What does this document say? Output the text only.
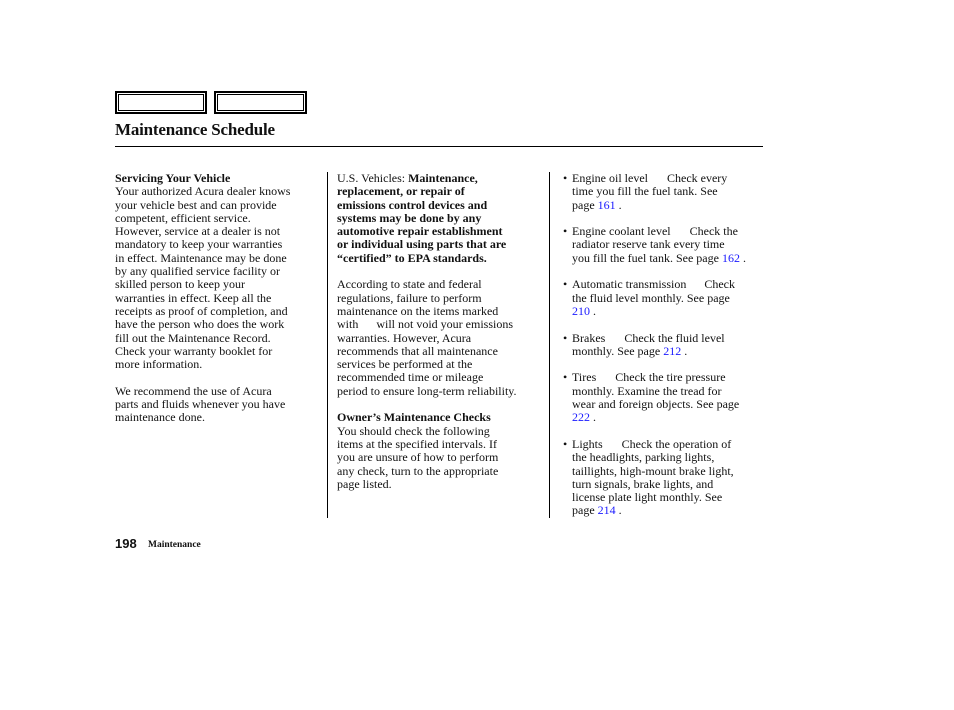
Maintenance Schedule
Servicing Your Vehicle
Your authorized Acura dealer knows
your vehicle best and can provide
competent, efficient service.
However, service at a dealer is not
mandatory to keep your warranties
in effect. Maintenance may be done
by any qualified service facility or
skilled person to keep your
warranties in effect. Keep all the
receipts as proof of completion, and
have the person who does the work
fill out the Maintenance Record.
Check your warranty booklet for
more information.
We recommend the use of Acura
parts and fluids whenever you have
maintenance done.
U.S. Vehicles: Maintenance,
replacement, or repair of
emissions control devices and
systems may be done by any
automotive repair establishment
or individual using parts that are
“certified” to EPA standards.
According to state and federal
regulations, failure to perform
maintenance on the items marked
with will not void your emissions
warranties. However, Acura
recommends that all maintenance
services be performed at the
recommended time or mileage
period to ensure long-term reliability.
Owner’s Maintenance Checks
You should check the following
items at the specified intervals. If
you are unsure of how to perform
any check, turn to the appropriate
page listed.
• Engine oil level Check every
time you fill the fuel tank. See
page 161 .
• Engine coolant level Check the
radiator reserve tank every time
you fill the fuel tank. See page 162 .
• Automatic transmission Check
the fluid level monthly. See page
210 .
• Brakes Check the fluid level
monthly. See page 212 .
• Tires Check the tire pressure
monthly. Examine the tread for
wear and foreign objects. See page
222 .
• Lights Check the operation of
the headlights, parking lights,
taillights, high-mount brake light,
turn signals, brake lights, and
license plate light monthly. See
page 214 .
198 Maintenance
